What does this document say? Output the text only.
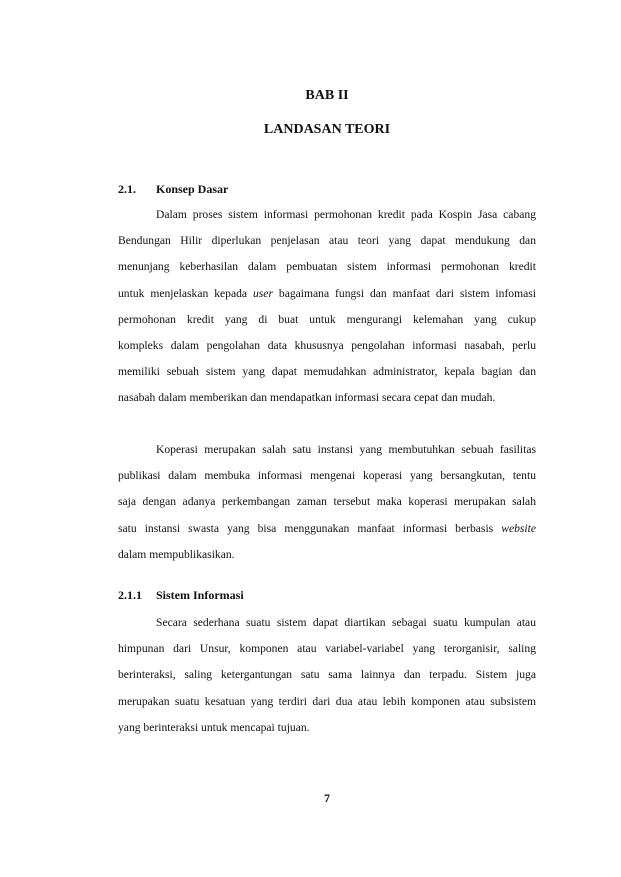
BAB II
LANDASAN TEORI
2.1. Konsep Dasar
Dalam proses sistem informasi permohonan kredit pada Kospin Jasa cabang
Bendungan Hilir diperlukan penjelasan atau teori yang dapat mendukung dan
menunjang keberhasilan dalam pembuatan sistem informasi permohonan kredit
untuk menjelaskan kepada user bagaimana fungsi dan manfaat dari sistem infomasi
permohonan kredit yang di buat untuk mengurangi kelemahan yang cukup
kompleks dalam pengolahan data khususnya pengolahan informasi nasabah, perlu
memiliki sebuah sistem yang dapat memudahkan administrator, kepala bagian dan
nasabah dalam memberikan dan mendapatkan informasi secara cepat dan mudah.
Koperasi merupakan salah satu instansi yang membutuhkan sebuah fasilitas
publikasi dalam membuka informasi mengenai koperasi yang bersangkutan, tentu
saja dengan adanya perkembangan zaman tersebut maka koperasi merupakan salah
satu instansi swasta yang bisa menggunakan manfaat informasi berbasis website
dalam mempublikasikan.
2.1.1 Sistem Informasi
Secara sederhana suatu sistem dapat diartikan sebagai suatu kumpulan atau
himpunan dari Unsur, komponen atau variabel-variabel yang terorganisir, saling
berinteraksi, saling ketergantungan satu sama lainnya dan terpadu. Sistem juga
merupakan suatu kesatuan yang terdiri dari dua atau lebih komponen atau subsistem
yang berinteraksi untuk mencapai tujuan.
7
